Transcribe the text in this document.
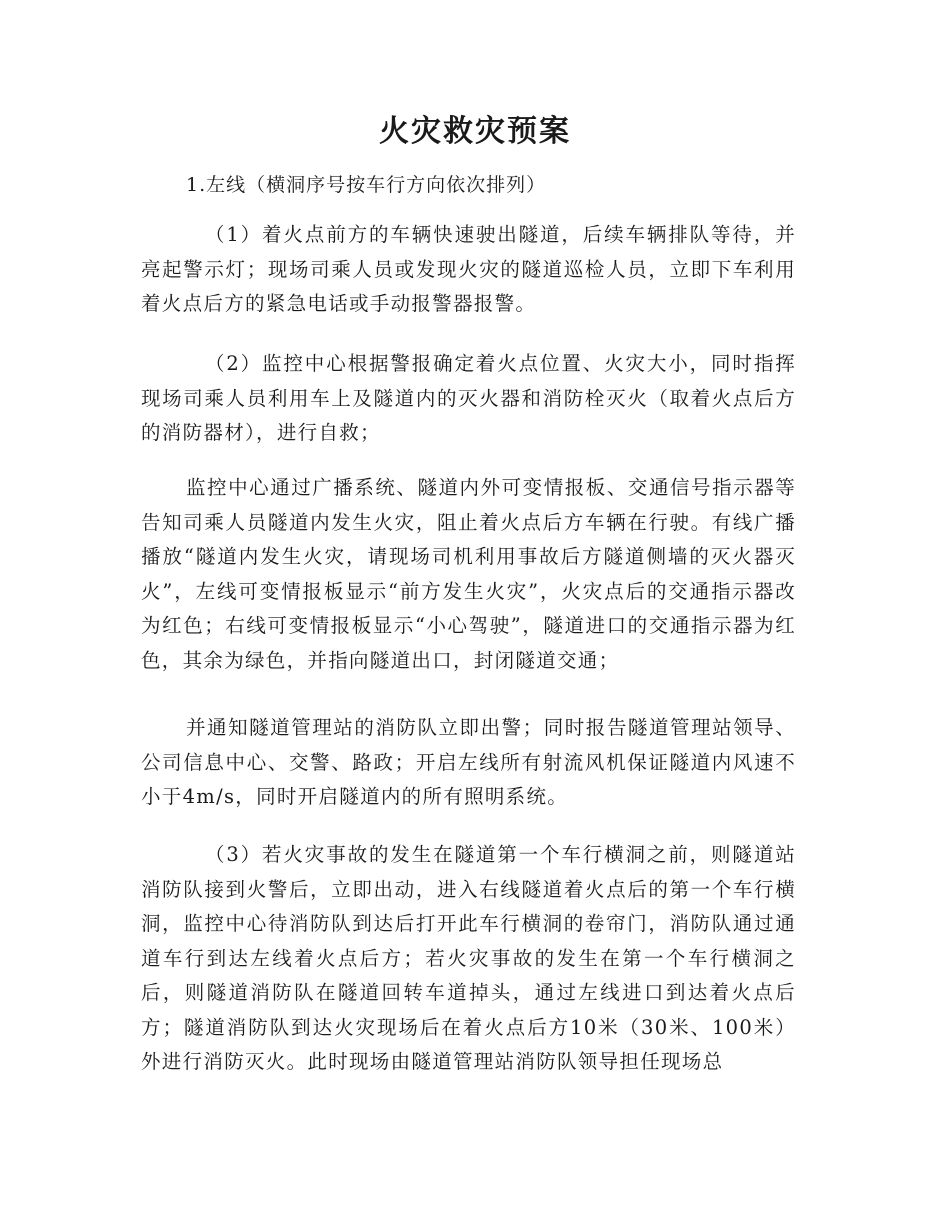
火灾救灾预案
1.左线（横洞序号按车行方向依次排列）

（1）着火点前方的车辆快速驶出隧道，后续车辆排队等待，并亮起警示灯；现场司乘人员或发现火灾的隧道巡检人员，立即下车利用着火点后方的紧急电话或手动报警器报警。

（2）监控中心根据警报确定着火点位置、火灾大小，同时指挥现场司乘人员利用车上及隧道内的灭火器和消防栓灭火（取着火点后方的消防器材），进行自救；

监控中心通过广播系统、隧道内外可变情报板、交通信号指示器等告知司乘人员隧道内发生火灾，阻止着火点后方车辆在行驶。有线广播播放“隧道内发生火灾，请现场司机利用事故后方隧道侧墙的灭火器灭火”，左线可变情报板显示“前方发生火灾”，火灾点后的交通指示器改为红色；右线可变情报板显示“小心驾驶”，隧道进口的交通指示器为红色，其余为绿色，并指向隧道出口，封闭隧道交通；

并通知隧道管理站的消防队立即出警；同时报告隧道管理站领导、公司信息中心、交警、路政；开启左线所有射流风机保证隧道内风速不小于4m/s，同时开启隧道内的所有照明系统。

（3）若火灾事故的发生在隧道第一个车行横洞之前，则隧道站消防队接到火警后，立即出动，进入右线隧道着火点后的第一个车行横洞，监控中心待消防队到达后打开此车行横洞的卷帘门，消防队通过通道车行到达左线着火点后方；若火灾事故的发生在第一个车行横洞之后，则隧道消防队在隧道回转车道掉头，通过左线进口到达着火点后方；隧道消防队到达火灾现场后在着火点后方10米（30米、100米）外进行消防灭火。此时现场由隧道管理站消防队领导担任现场总
